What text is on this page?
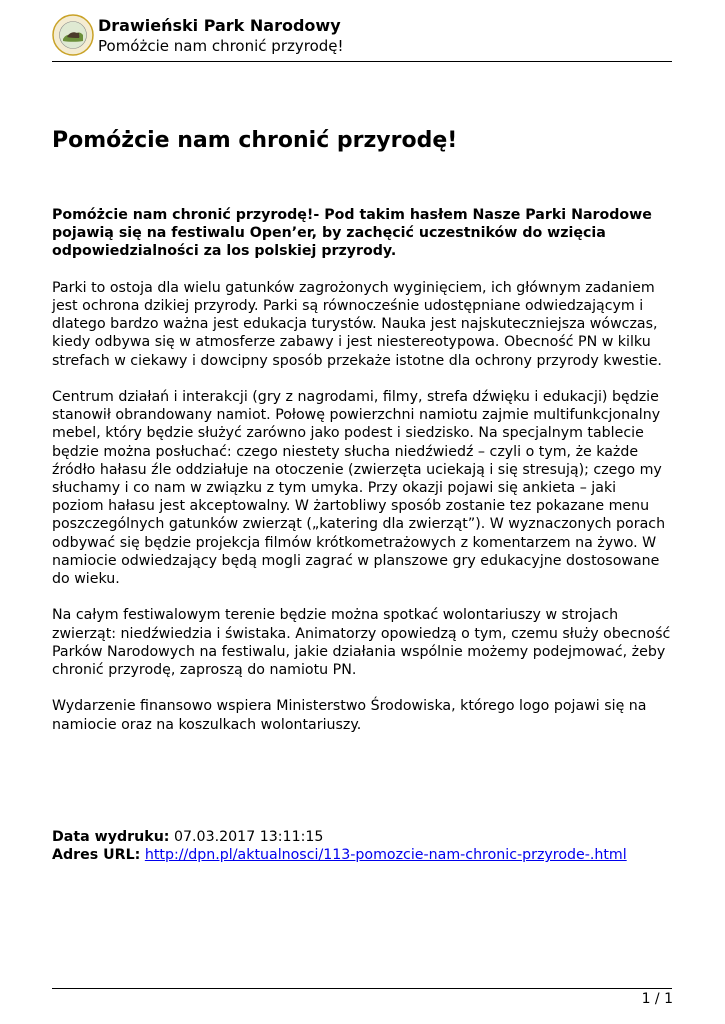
Drawieński Park Narodowy
Pomóżcie nam chronić przyrodę!
Pomóżcie nam chronić przyrodę!

Pomóżcie nam chronić przyrodę!- Pod takim hasłem Nasze Parki Narodowe pojawią się na festiwalu Open’er, by zachęcić uczestników do wzięcia odpowiedzialności za los polskiej przyrody.

Parki to ostoja dla wielu gatunków zagrożonych wyginięciem, ich głównym zadaniem jest ochrona dzikiej przyrody. Parki są równocześnie udostępniane odwiedzającym i dlatego bardzo ważna jest edukacja turystów. Nauka jest najskuteczniejsza wówczas, kiedy odbywa się w atmosferze zabawy i jest niestereotypowa. Obecność PN w kilku strefach w ciekawy i dowcipny sposób przekaże istotne dla ochrony przyrody kwestie.

Centrum działań i interakcji (gry z nagrodami, filmy, strefa dźwięku i edukacji) będzie stanowił obrandowany namiot. Połowę powierzchni namiotu zajmie multifunkcjonalny mebel, który będzie służyć zarówno jako podest i siedzisko. Na specjalnym tablecie będzie można posłuchać: czego niestety słucha niedźwiedź – czyli o tym, że każde źródło hałasu źle oddziałuje na otoczenie (zwierzęta uciekają i się stresują); czego my słuchamy i co nam w związku z tym umyka. Przy okazji pojawi się ankieta – jaki poziom hałasu jest akceptowalny. W żartobliwy sposób zostanie tez pokazane menu poszczególnych gatunków zwierząt („katering dla zwierząt”). W wyznaczonych porach odbywać się będzie projekcja filmów krótkometrażowych z komentarzem na żywo. W namiocie odwiedzający będą mogli zagrać w planszowe gry edukacyjne dostosowane do wieku.

Na całym festiwalowym terenie będzie można spotkać wolontariuszy w strojach zwierząt: niedźwiedzia i świstaka. Animatorzy opowiedzą o tym, czemu służy obecność Parków Narodowych na festiwalu, jakie działania wspólnie możemy podejmować, żeby chronić przyrodę, zaproszą do namiotu PN.

Wydarzenie finansowo wspiera Ministerstwo Środowiska, którego logo pojawi się na namiocie oraz na koszulkach wolontariuszy.

Data wydruku: 07.03.2017 13:11:15
Adres URL: http://dpn.pl/aktualnosci/113-pomozcie-nam-chronic-przyrode-.html
1 / 1
